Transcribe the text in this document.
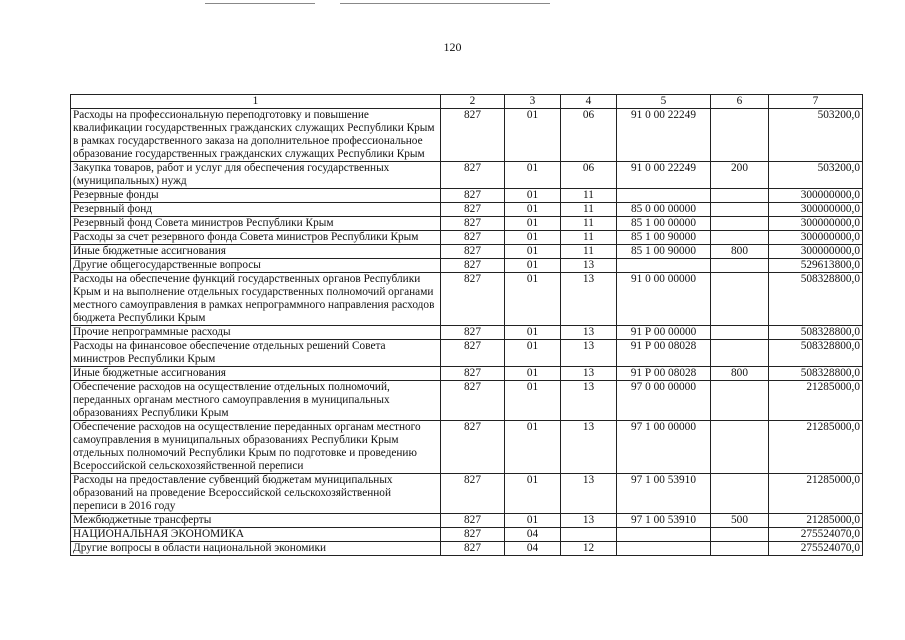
120
1	2	3	4	5	6	7
Расходы на профессиональную переподготовку и повышение квалификации государственных гражданских служащих Республики Крым в рамках государственного заказа на дополнительное профессиональное образование государственных гражданских служащих Республики Крым	827	01	06	91 0 00 22249		503200,0
Закупка товаров, работ и услуг для обеспечения государственных (муниципальных) нужд	827	01	06	91 0 00 22249	200	503200,0
Резервные фонды	827	01	11			300000000,0
Резервный фонд	827	01	11	85 0 00 00000		300000000,0
Резервный фонд Совета министров Республики Крым	827	01	11	85 1 00 00000		300000000,0
Расходы за счет резервного фонда Совета министров Республики Крым	827	01	11	85 1 00 90000		300000000,0
Иные бюджетные ассигнования	827	01	11	85 1 00 90000	800	300000000,0
Другие общегосударственные вопросы	827	01	13			529613800,0
Расходы на обеспечение функций государственных органов Республики Крым и на выполнение отдельных государственных полномочий органами местного самоуправления в рамках непрограммного направления расходов бюджета Республики Крым	827	01	13	91 0 00 00000		508328800,0
Прочие непрограммные расходы	827	01	13	91 Р 00 00000		508328800,0
Расходы на финансовое обеспечение отдельных решений Совета министров Республики Крым	827	01	13	91 Р 00 08028		508328800,0
Иные бюджетные ассигнования	827	01	13	91 Р 00 08028	800	508328800,0
Обеспечение расходов на осуществление отдельных полномочий, переданных органам местного самоуправления в муниципальных образованиях Республики Крым	827	01	13	97 0 00 00000		21285000,0
Обеспечение расходов на осуществление переданных органам местного самоуправления в муниципальных образованиях Республики Крым отдельных полномочий Республики Крым по подготовке и проведению Всероссийской сельскохозяйственной переписи	827	01	13	97 1 00 00000		21285000,0
Расходы на предоставление субвенций бюджетам муниципальных образований на проведение Всероссийской сельскохозяйственной переписи в 2016 году	827	01	13	97 1 00 53910		21285000,0
Межбюджетные трансферты	827	01	13	97 1 00 53910	500	21285000,0
НАЦИОНАЛЬНАЯ ЭКОНОМИКА	827	04				275524070,0
Другие вопросы в области национальной экономики	827	04	12			275524070,0
